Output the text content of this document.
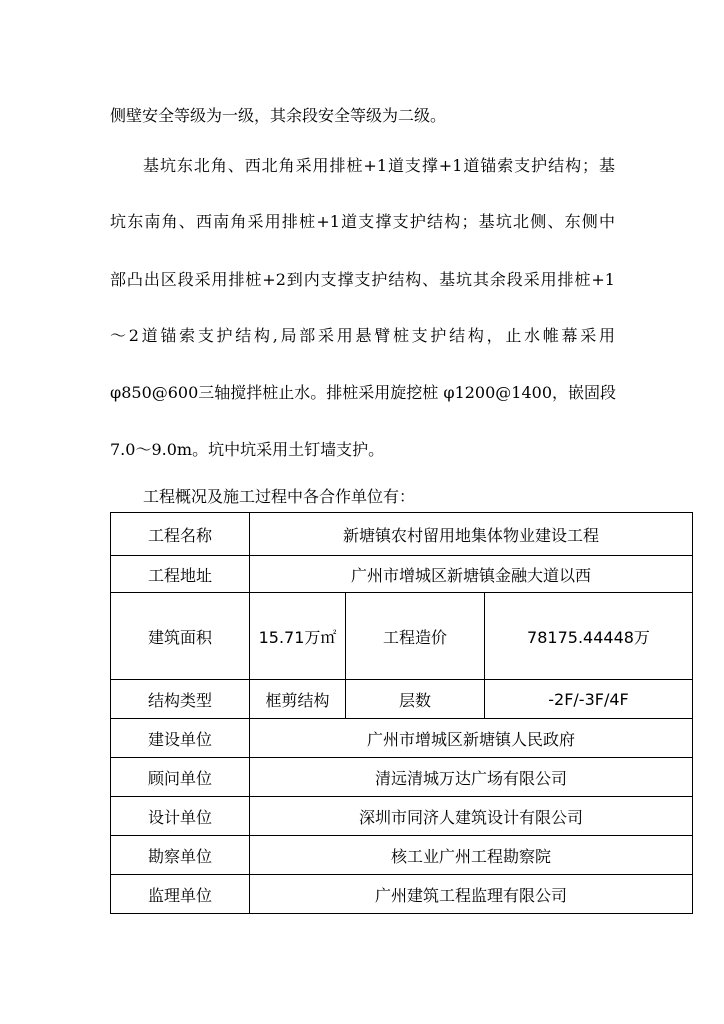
侧壁安全等级为一级，其余段安全等级为二级。
基坑东北角、西北角采用排桩+1道支撑+1道锚索支护结构；基
坑东南角、西南角采用排桩+1道支撑支护结构；基坑北侧、东侧中
部凸出区段采用排桩+2到内支撑支护结构、基坑其余段采用排桩+1
～2道锚索支护结构,局部采用悬臂桩支护结构，止水帷幕采用
φ850@600三轴搅拌桩止水。排桩采用旋挖桩 φ1200@1400，嵌固段
7.0～9.0m。坑中坑采用土钉墙支护。
工程概况及施工过程中各合作单位有：
工程名称	新塘镇农村留用地集体物业建设工程		
工程地址	广州市增城区新塘镇金融大道以西		
建筑面积	15.71万㎡	工程造价	78175.44448万
结构类型	框剪结构	层数	-2F/-3F/4F
建设单位	广州市增城区新塘镇人民政府		
顾问单位	清远清城万达广场有限公司		
设计单位	深圳市同济人建筑设计有限公司		
勘察单位	核工业广州工程勘察院		
监理单位	广州建筑工程监理有限公司		
